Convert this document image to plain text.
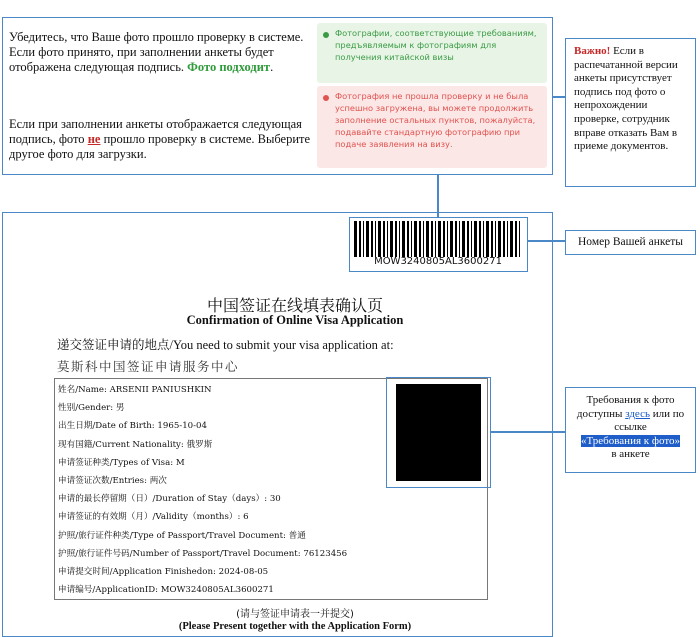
Убедитесь, что Ваше фото прошло проверку в системе. Если фото принято, при заполнении анкеты будет отображена следующая подпись. Фото подходит.
Если при заполнении анкеты отображается следующая подпись, фото не прошло проверку в системе. Выберите другое фото для загрузки.
Фотографии, соответствующие требованиям, предъявляемым к фотографиям для получения китайской визы
Фотография не прошла проверку и не была успешно загружена, вы можете продолжить заполнение остальных пунктов, пожалуйста, подавайте стандартную фотографию при подаче заявления на визу.
Важно! Если в распечатанной версии анкеты присутствует подпись под фото о непрохождении проверке, сотрудник вправе отказать Вам в приеме документов.
Номер Вашей анкеты
Требования к фото доступны здесь или по ссылке
«Требования к фото»
в анкете
MOW3240805AL3600271
中国签证在线填表确认页
Confirmation of Online Visa Application
递交签证申请的地点/You need to submit your visa application at:
莫斯科中国签证申请服务中心
姓名/Name: ARSENII PANIUSHKIN
性别/Gender: 男
出生日期/Date of Birth: 1965-10-04
现有国籍/Current Nationality: 俄罗斯
申请签证种类/Types of Visa: M
申请签证次数/Entries: 两次
申请的最长停留期（日）/Duration of Stay（days）: 30
申请签证的有效期（月）/Validity（months）: 6
护照/旅行证件种类/Type of Passport/Travel Document: 普通
护照/旅行证件号码/Number of Passport/Travel Document: 76123456
申请提交时间/Application Finishedon: 2024-08-05
申请编号/ApplicationID: MOW3240805AL3600271
(请与签证申请表一并提交)
(Please Present together with the Application Form)
